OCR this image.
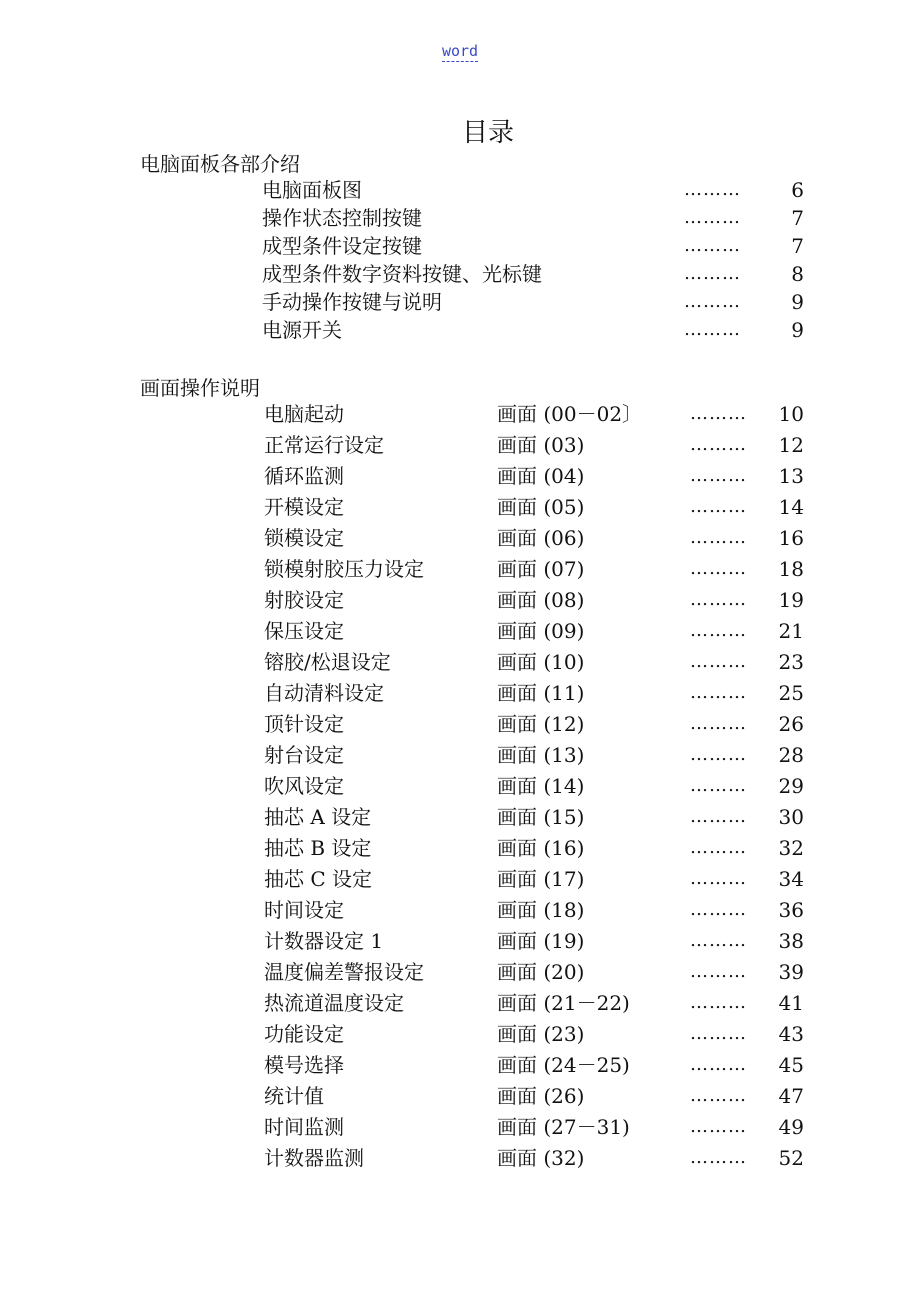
word
目录
电脑面板各部介绍
电脑面板图	………	6
操作状态控制按键	………	7
成型条件设定按键	………	7
成型条件数字资料按键、光标键	………	8
手动操作按键与说明	………	9
电源开关	………	9
画面操作说明
电脑起动	画面 (00－02〕	………	10
正常运行设定	画面 (03)	………	12
循环监测	画面 (04)	………	13
开模设定	画面 (05)	………	14
锁模设定	画面 (06)	………	16
锁模射胶压力设定	画面 (07)	………	18
射胶设定	画面 (08)	………	19
保压设定	画面 (09)	………	21
镕胶/松退设定	画面 (10)	………	23
自动清料设定	画面 (11)	………	25
顶针设定	画面 (12)	………	26
射台设定	画面 (13)	………	28
吹风设定	画面 (14)	………	29
抽芯 A 设定	画面 (15)	………	30
抽芯 B 设定	画面 (16)	………	32
抽芯 C 设定	画面 (17)	………	34
时间设定	画面 (18)	………	36
计数器设定 1	画面 (19)	………	38
温度偏差警报设定	画面 (20)	………	39
热流道温度设定	画面 (21－22)	………	41
功能设定	画面 (23)	………	43
模号选择	画面 (24－25)	………	45
统计值	画面 (26)	………	47
时间监测	画面 (27－31)	………	49
计数器监测	画面 (32)	………	52
